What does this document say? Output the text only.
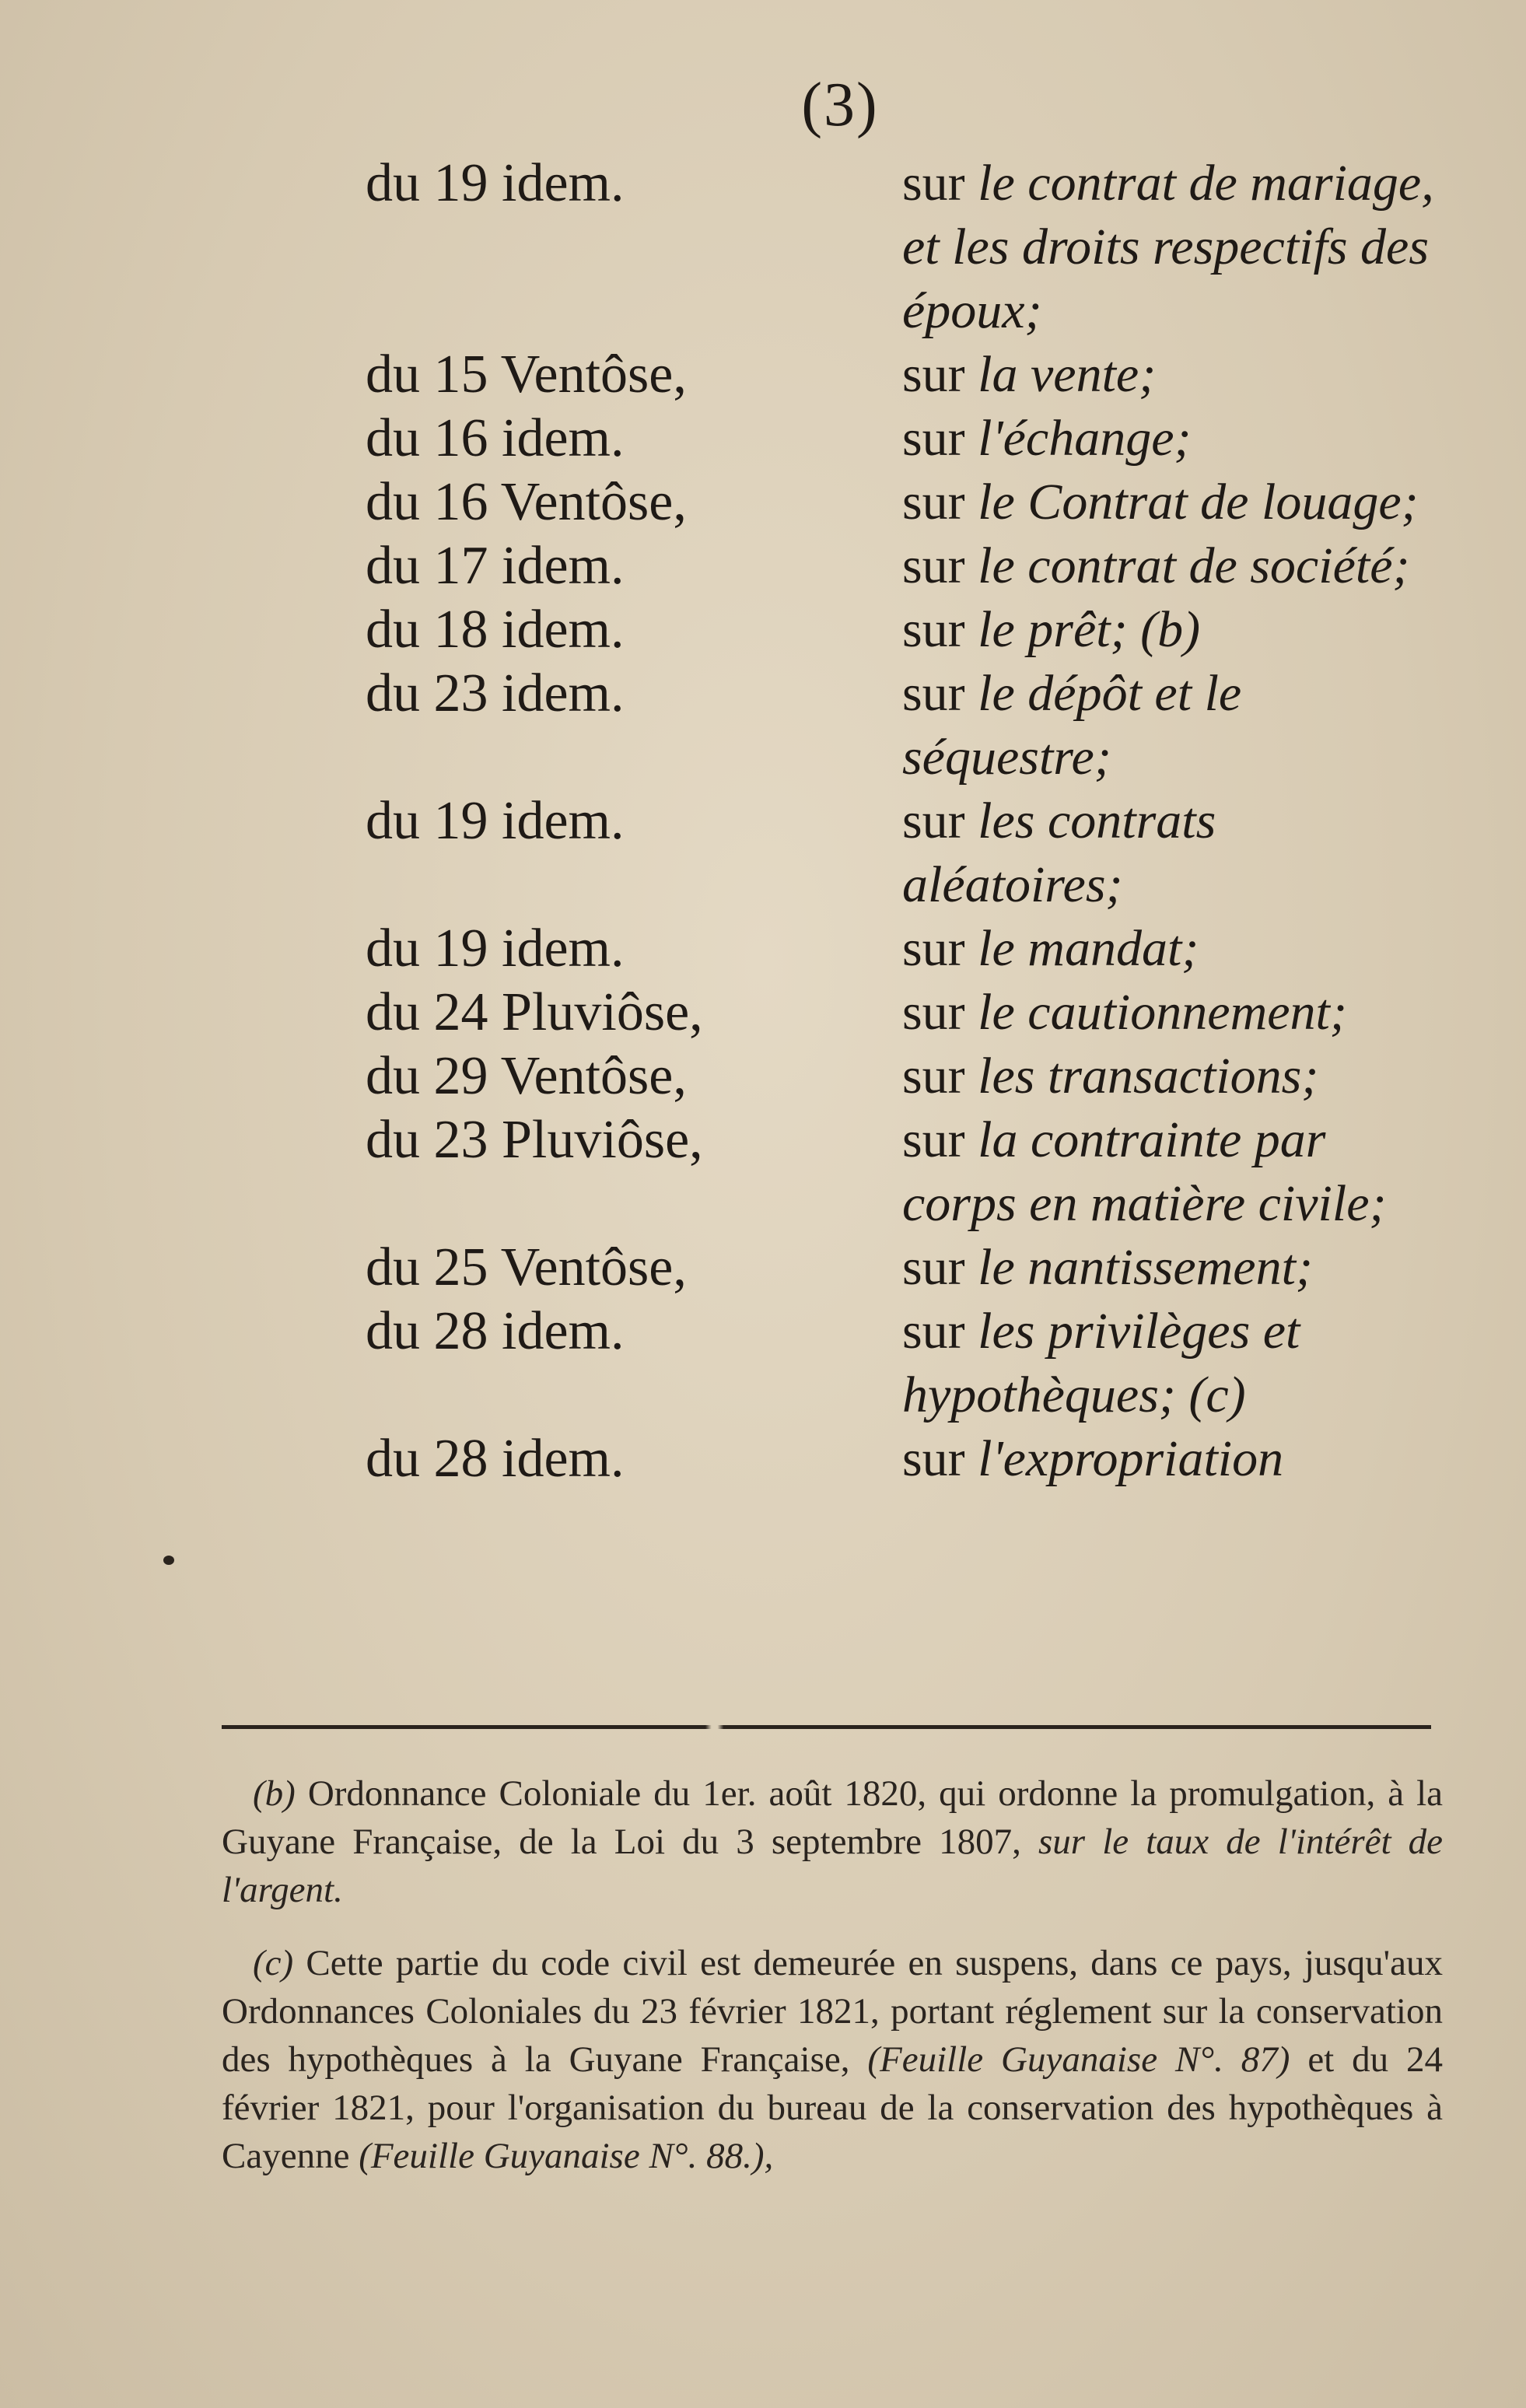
(3)
du 19 idem.	sur le contrat de mariage, et les droits respectifs des époux;
du 15 Ventôse,	sur la vente;
du 16 idem.	sur l'échange;
du 16 Ventôse,	sur le Contrat de louage;
du 17 idem.	sur le contrat de société;
du 18 idem.	sur le prêt; (b)
du 23 idem.	sur le dépôt et le séquestre;
du 19 idem.	sur les contrats aléatoires;
du 19 idem.	sur le mandat;
du 24 Pluviôse,	sur le cautionnement;
du 29 Ventôse,	sur les transactions;
du 23 Pluviôse,	sur la contrainte par corps en matière civile;
du 25 Ventôse,	sur le nantissement;
du 28 idem.	sur les privilèges et hypothèques; (c)
du 28 idem.	sur l'expropriation

(b) Ordonnance Coloniale du 1er. août 1820, qui ordonne la promulgation, à la Guyane Française, de la Loi du 3 septembre 1807, sur le taux de l'intérêt de l'argent.

(c) Cette partie du code civil est demeurée en suspens, dans ce pays, jusqu'aux Ordonnances Coloniales du 23 février 1821, portant réglement sur la conservation des hypothèques à la Guyane Française, (Feuille Guyanaise N°. 87) et du 24 février 1821, pour l'organisation du bureau de la conservation des hypothèques à Cayenne (Feuille Guyanaise N°. 88.),
